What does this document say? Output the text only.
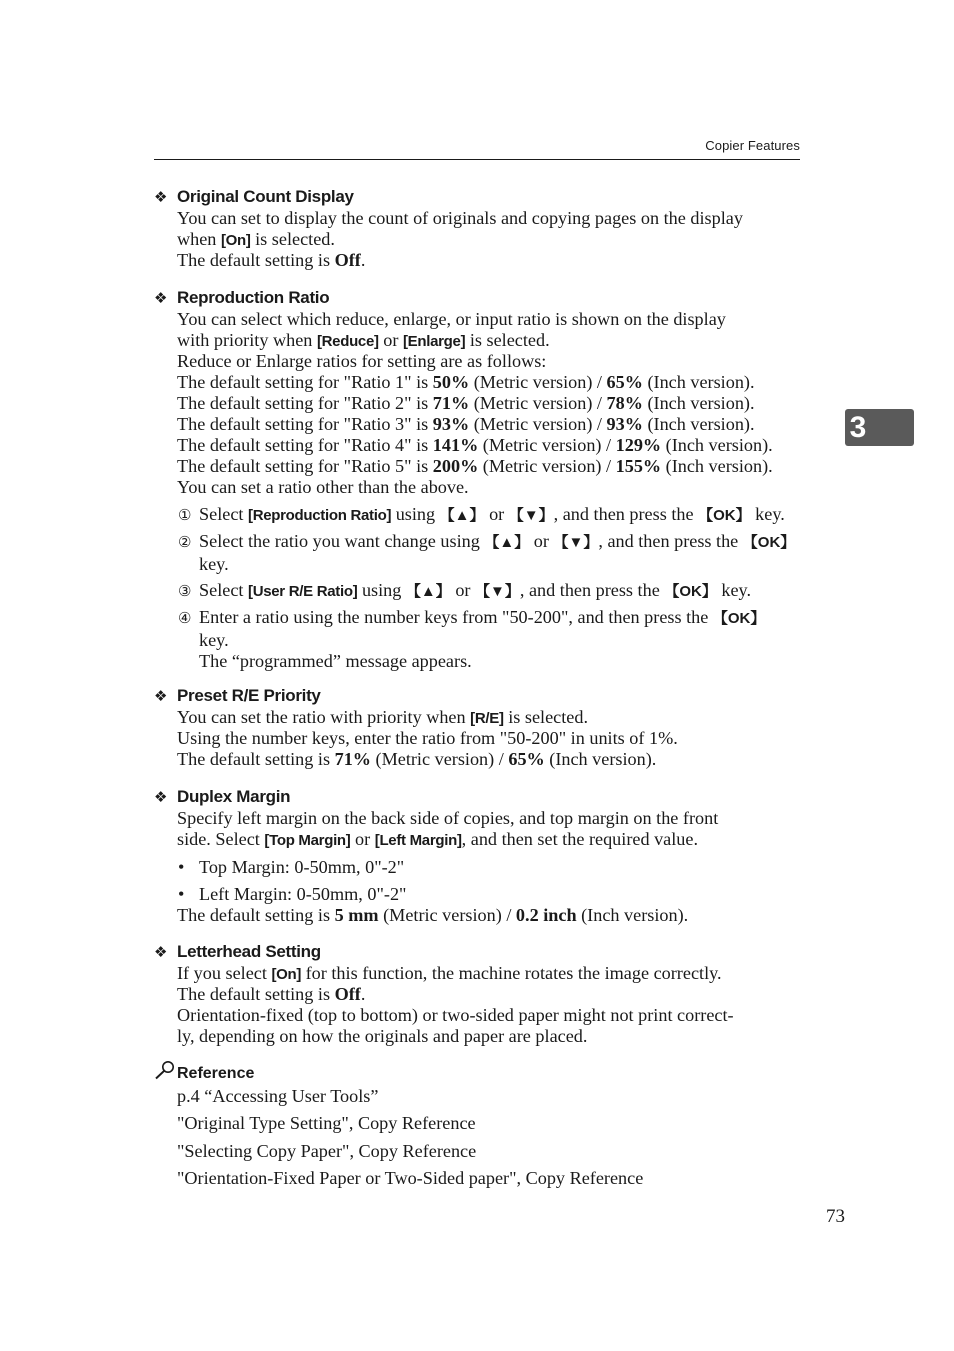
Copier Features
3
❖ Original Count Display
You can set to display the count of originals and copying pages on the display
when [On] is selected.
The default setting is Off.
❖ Reproduction Ratio
You can select which reduce, enlarge, or input ratio is shown on the display
with priority when [Reduce] or [Enlarge] is selected.
Reduce or Enlarge ratios for setting are as follows:
The default setting for "Ratio 1" is 50% (Metric version) / 65% (Inch version).
The default setting for "Ratio 2" is 71% (Metric version) / 78% (Inch version).
The default setting for "Ratio 3" is 93% (Metric version) / 93% (Inch version).
The default setting for "Ratio 4" is 141% (Metric version) / 129% (Inch version).
The default setting for "Ratio 5" is 200% (Metric version) / 155% (Inch version).
You can set a ratio other than the above.
① Select [Reproduction Ratio] using 【▲】 or 【▼】, and then press the 【OK】 key.
② Select the ratio you want change using 【▲】 or 【▼】, and then press the 【OK】
key.
③ Select [User R/E Ratio] using 【▲】 or 【▼】, and then press the 【OK】 key.
④ Enter a ratio using the number keys from "50-200", and then press the 【OK】
key.
The “programmed” message appears.
❖ Preset R/E Priority
You can set the ratio with priority when [R/E] is selected.
Using the number keys, enter the ratio from "50-200" in units of 1%.
The default setting is 71% (Metric version) / 65% (Inch version).
❖ Duplex Margin
Specify left margin on the back side of copies, and top margin on the front
side. Select [Top Margin] or [Left Margin], and then set the required value.
• Top Margin: 0-50mm, 0"-2"
• Left Margin: 0-50mm, 0"-2"
The default setting is 5 mm (Metric version) / 0.2 inch (Inch version).
❖ Letterhead Setting
If you select [On] for this function, the machine rotates the image correctly.
The default setting is Off.
Orientation-fixed (top to bottom) or two-sided paper might not print correct-
ly, depending on how the originals and paper are placed.
Reference
p.4 “Accessing User Tools”
"Original Type Setting", Copy Reference
"Selecting Copy Paper", Copy Reference
"Orientation-Fixed Paper or Two-Sided paper", Copy Reference
73
